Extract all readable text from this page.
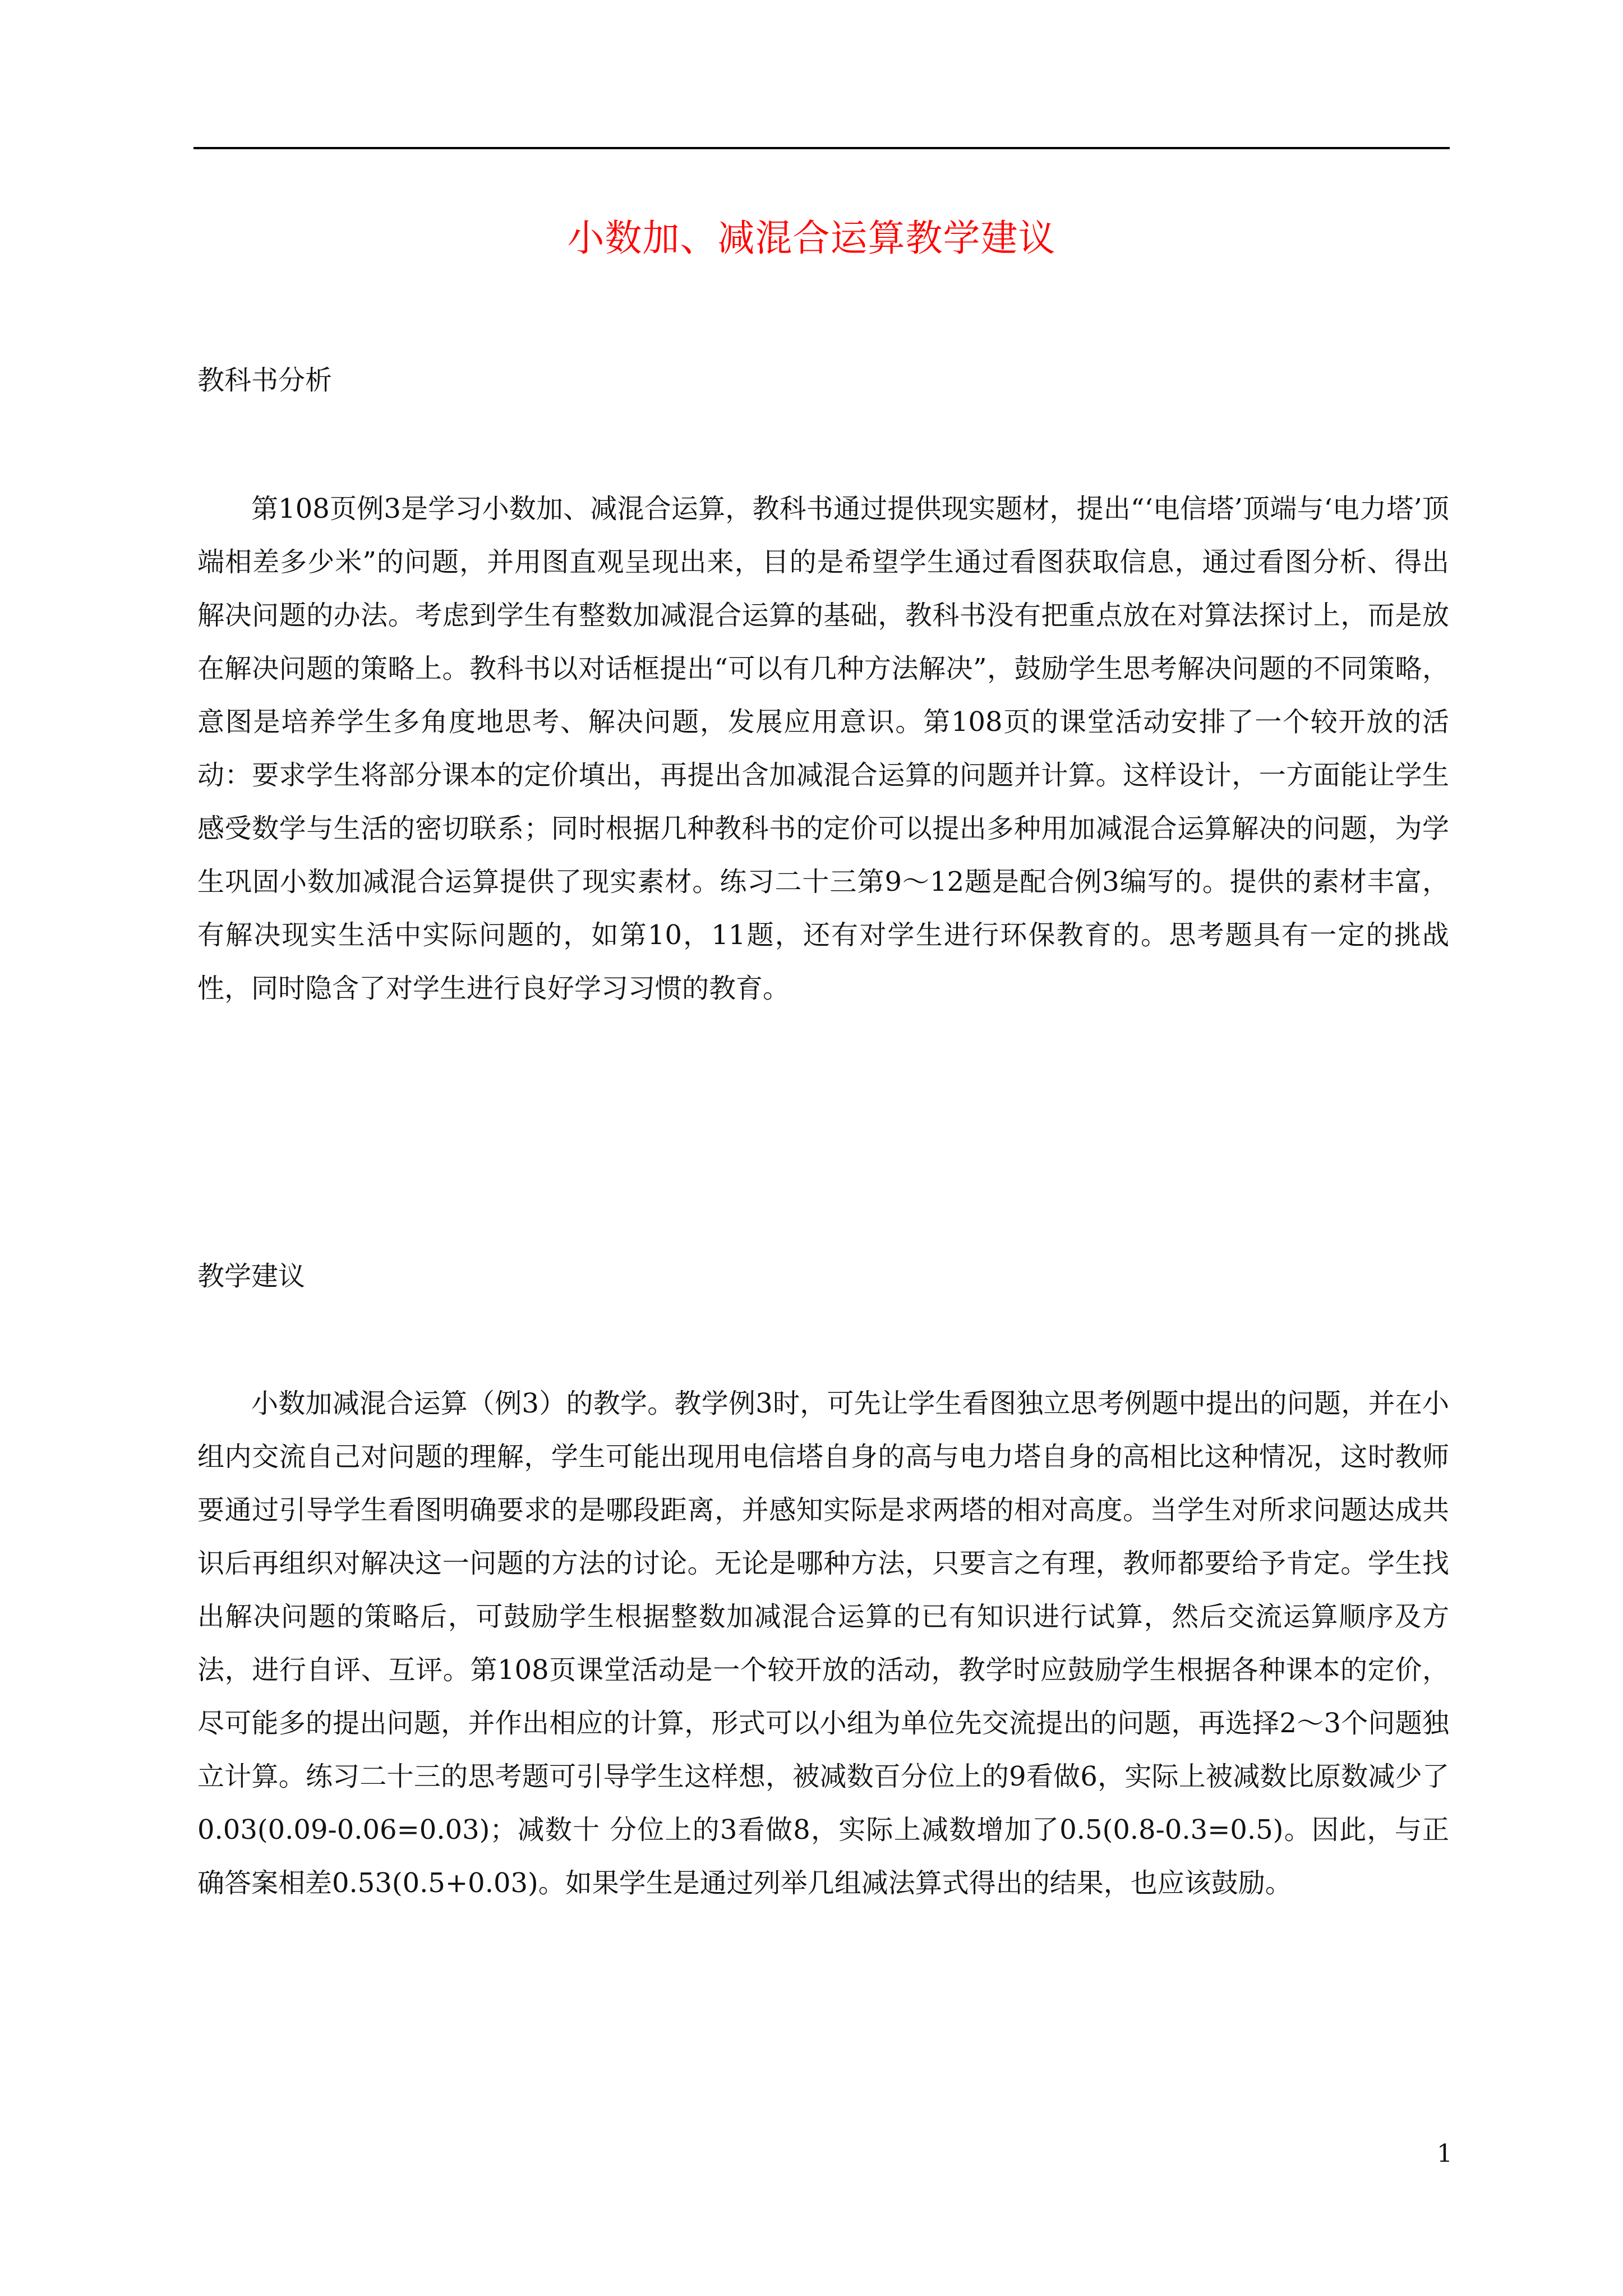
小数加、减混合运算教学建议
教科书分析

第108页例3是学习小数加、减混合运算，教科书通过提供现实题材，提出“‘电信塔’顶端与‘电力塔’顶端相差多少米”的问题，并用图直观呈现出来，目的是希望学生通过看图获取信息，通过看图分析、得出解决问题的办法。考虑到学生有整数加减混合运算的基础，教科书没有把重点放在对算法探讨上，而是放在解决问题的策略上。教科书以对话框提出“可以有几种方法解决”，鼓励学生思考解决问题的不同策略，意图是培养学生多角度地思考、解决问题，发展应用意识。第108页的课堂活动安排了一个较开放的活动：要求学生将部分课本的定价填出，再提出含加减混合运算的问题并计算。这样设计，一方面能让学生感受数学与生活的密切联系；同时根据几种教科书的定价可以提出多种用加减混合运算解决的问题，为学生巩固小数加减混合运算提供了现实素材。练习二十三第9～12题是配合例3编写的。提供的素材丰富，有解决现实生活中实际问题的，如第10，11题，还有对学生进行环保教育的。思考题具有一定的挑战性，同时隐含了对学生进行良好学习习惯的教育。

教学建议

小数加减混合运算（例3）的教学。教学例3时，可先让学生看图独立思考例题中提出的问题，并在小组内交流自己对问题的理解，学生可能出现用电信塔自身的高与电力塔自身的高相比这种情况，这时教师要通过引导学生看图明确要求的是哪段距离，并感知实际是求两塔的相对高度。当学生对所求问题达成共识后再组织对解决这一问题的方法的讨论。无论是哪种方法，只要言之有理，教师都要给予肯定。学生找出解决问题的策略后，可鼓励学生根据整数加减混合运算的已有知识进行试算，然后交流运算顺序及方法，进行自评、互评。第108页课堂活动是一个较开放的活动，教学时应鼓励学生根据各种课本的定价，尽可能多的提出问题，并作出相应的计算，形式可以小组为单位先交流提出的问题，再选择2～3个问题独立计算。练习二十三的思考题可引导学生这样想，被减数百分位上的9看做6，实际上被减数比原数减少了0.03(0.09-0.06=0.03)；减数十 分位上的3看做8，实际上减数增加了0.5(0.8-0.3=0.5)。因此，与正确答案相差0.53(0.5+0.03)。如果学生是通过列举几组减法算式得出的结果，也应该鼓励。

1
